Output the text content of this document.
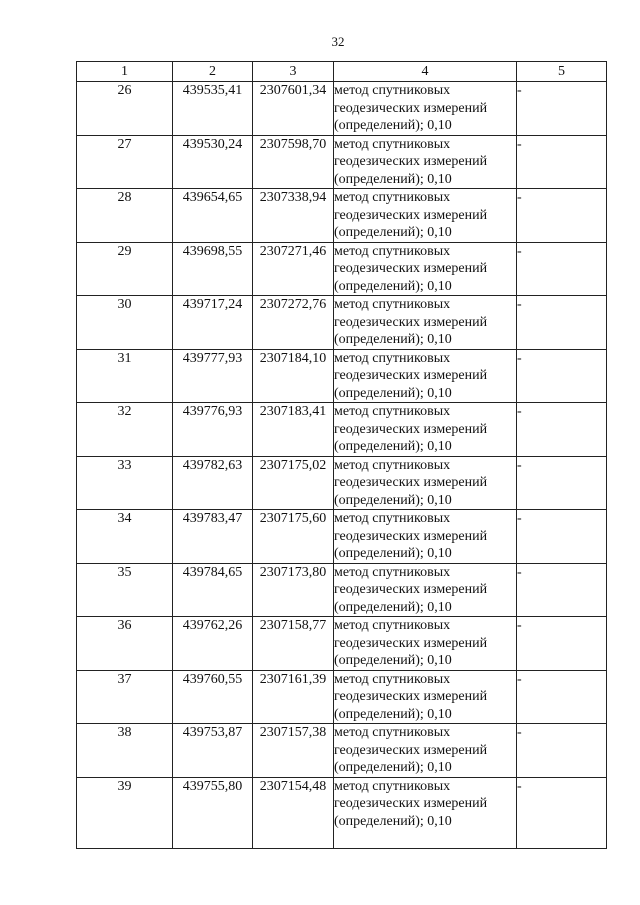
32
1	2	3	4	5
26	439535,41	2307601,34	метод спутниковых геодезических измерений (определений); 0,10	-
27	439530,24	2307598,70	метод спутниковых геодезических измерений (определений); 0,10	-
28	439654,65	2307338,94	метод спутниковых геодезических измерений (определений); 0,10	-
29	439698,55	2307271,46	метод спутниковых геодезических измерений (определений); 0,10	-
30	439717,24	2307272,76	метод спутниковых геодезических измерений (определений); 0,10	-
31	439777,93	2307184,10	метод спутниковых геодезических измерений (определений); 0,10	-
32	439776,93	2307183,41	метод спутниковых геодезических измерений (определений); 0,10	-
33	439782,63	2307175,02	метод спутниковых геодезических измерений (определений); 0,10	-
34	439783,47	2307175,60	метод спутниковых геодезических измерений (определений); 0,10	-
35	439784,65	2307173,80	метод спутниковых геодезических измерений (определений); 0,10	-
36	439762,26	2307158,77	метод спутниковых геодезических измерений (определений); 0,10	-
37	439760,55	2307161,39	метод спутниковых геодезических измерений (определений); 0,10	-
38	439753,87	2307157,38	метод спутниковых геодезических измерений (определений); 0,10	-
39	439755,80	2307154,48	метод спутниковых геодезических измерений (определений); 0,10	-
